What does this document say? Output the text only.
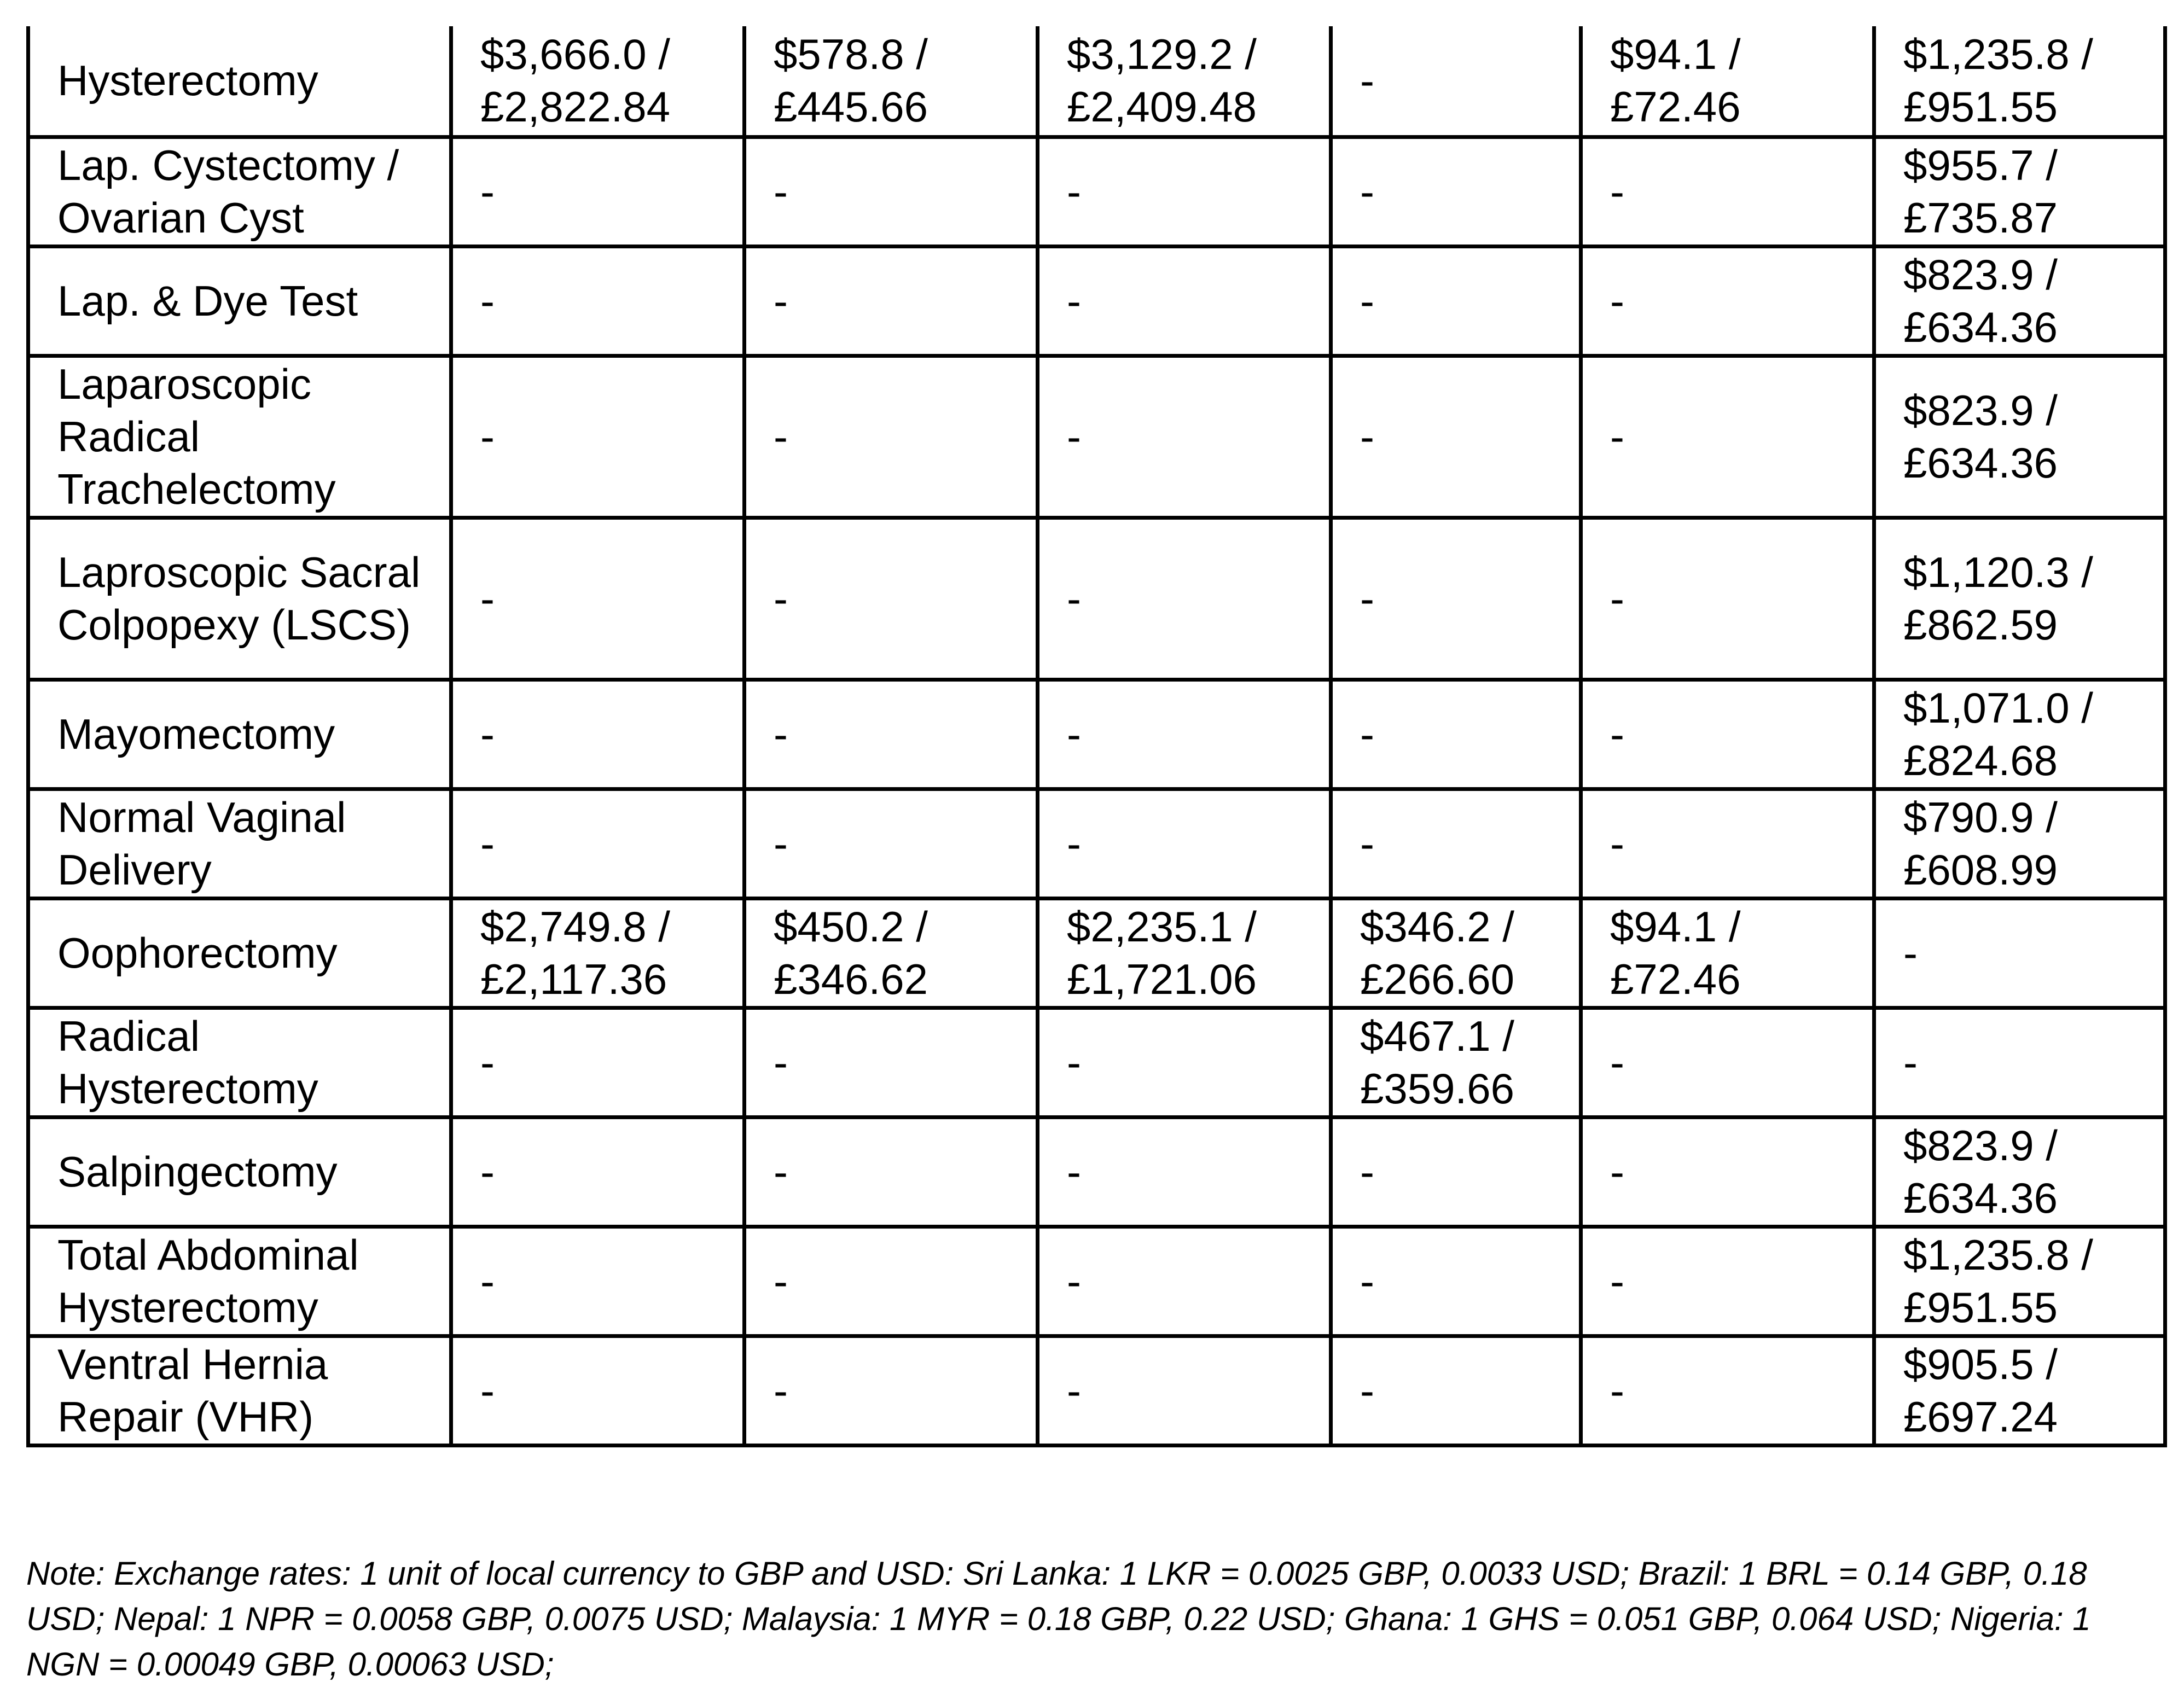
Hysterectomy	$3,666.0 / £2,822.84	$578.8 / £445.66	$3,129.2 / £2,409.48	-	$94.1 / £72.46	$1,235.8 / £951.55
Lap. Cystectomy / Ovarian Cyst	-	-	-	-	-	$955.7 / £735.87
Lap. & Dye Test	-	-	-	-	-	$823.9 / £634.36
Laparoscopic Radical Trachelectomy	-	-	-	-	-	$823.9 / £634.36
Laproscopic Sacral Colpopexy (LSCS)	-	-	-	-	-	$1,120.3 / £862.59
Mayomectomy	-	-	-	-	-	$1,071.0 / £824.68
Normal Vaginal Delivery	-	-	-	-	-	$790.9 / £608.99
Oophorectomy	$2,749.8 / £2,117.36	$450.2 / £346.62	$2,235.1 / £1,721.06	$346.2 / £266.60	$94.1 / £72.46	-
Radical Hysterectomy	-	-	-	$467.1 / £359.66	-	-
Salpingectomy	-	-	-	-	-	$823.9 / £634.36
Total Abdominal Hysterectomy	-	-	-	-	-	$1,235.8 / £951.55
Ventral Hernia Repair (VHR)	-	-	-	-	-	$905.5 / £697.24

Note: Exchange rates: 1 unit of local currency to GBP and USD: Sri Lanka: 1 LKR = 0.0025 GBP, 0.0033 USD; Brazil: 1 BRL = 0.14 GBP, 0.18 USD; Nepal: 1 NPR = 0.0058 GBP, 0.0075 USD; Malaysia: 1 MYR = 0.18 GBP, 0.22 USD; Ghana: 1 GHS = 0.051 GBP, 0.064 USD; Nigeria: 1 NGN = 0.00049 GBP, 0.00063 USD;
